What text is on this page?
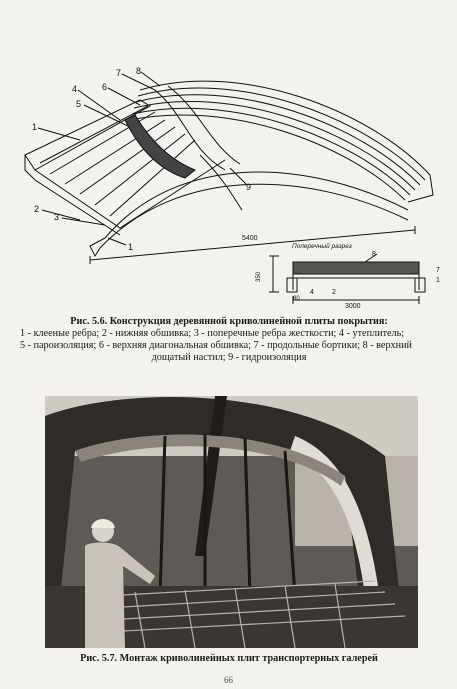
1
2
3
4
5
6
7 8
9
1
5400
Поперечный разрез
350
80
3000
1
2
4
7
8
Рис. 5.6. Конструкция деревянной криволинейной плиты покрытия:
1 - клееные ребра; 2 - нижняя обшивка; 3 - поперечные ребра жесткости; 4 - утеплитель;
5 - пароизоляция; 6 - верхняя диагональная обшивка; 7 - продольные бортики; 8 - верхний
дощатый настил; 9 - гидроизоляция
Рис. 5.7. Монтаж криволинейных плит транспортерных галерей
66
